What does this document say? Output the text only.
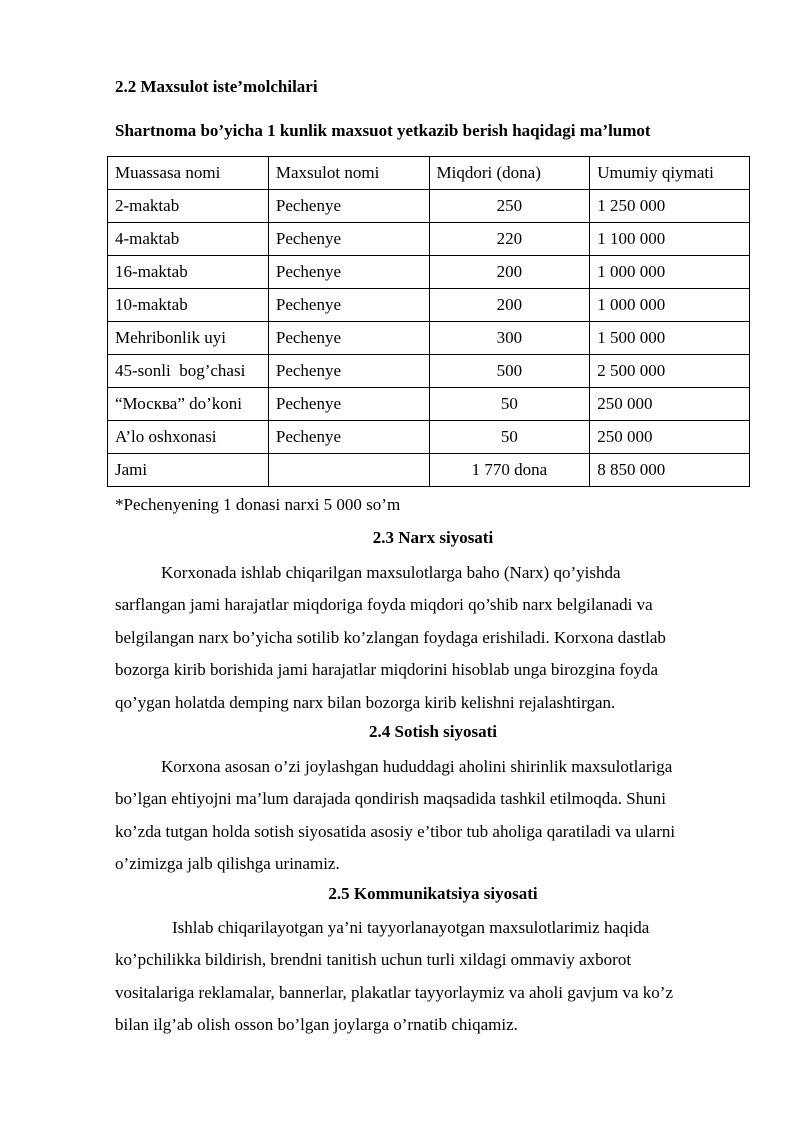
2.2 Maxsulot iste’molchilari
Shartnoma bo’yicha 1 kunlik maxsuot yetkazib berish haqidagi ma’lumot
Muassasa nomi	Maxsulot nomi	Miqdori (dona)	Umumiy qiymati
2-maktab	Pechenye	250	1 250 000
4-maktab	Pechenye	220	1 100 000
16-maktab	Pechenye	200	1 000 000
10-maktab	Pechenye	200	1 000 000
Mehribonlik uyi	Pechenye	300	1 500 000
45-sonli  bog’chasi	Pechenye	500	2 500 000
“Москва” do’koni	Pechenye	50	250 000
A’lo oshxonasi	Pechenye	50	250 000
Jami		1 770 dona	8 850 000
*Pechenyening 1 donasi narxi 5 000 so’m
2.3 Narx siyosati
Korxonada ishlab chiqarilgan maxsulotlarga baho (Narx) qo’yishda
sarflangan jami harajatlar miqdoriga foyda miqdori qo’shib narx belgilanadi va
belgilangan narx bo’yicha sotilib ko’zlangan foydaga erishiladi. Korxona dastlab
bozorga kirib borishida jami harajatlar miqdorini hisoblab unga birozgina foyda
qo’ygan holatda demping narx bilan bozorga kirib kelishni rejalashtirgan.
2.4 Sotish siyosati
Korxona asosan o’zi joylashgan hududdagi aholini shirinlik maxsulotlariga
bo’lgan ehtiyojni ma’lum darajada qondirish maqsadida tashkil etilmoqda. Shuni
ko’zda tutgan holda sotish siyosatida asosiy e’tibor tub aholiga qaratiladi va ularni
o’zimizga jalb qilishga urinamiz.
2.5 Kommunikatsiya siyosati
Ishlab chiqarilayotgan ya’ni tayyorlanayotgan maxsulotlarimiz haqida
ko’pchilikka bildirish, brendni tanitish uchun turli xildagi ommaviy axborot
vositalariga reklamalar, bannerlar, plakatlar tayyorlaymiz va aholi gavjum va ko’z
bilan ilg’ab olish osson bo’lgan joylarga o’rnatib chiqamiz.
